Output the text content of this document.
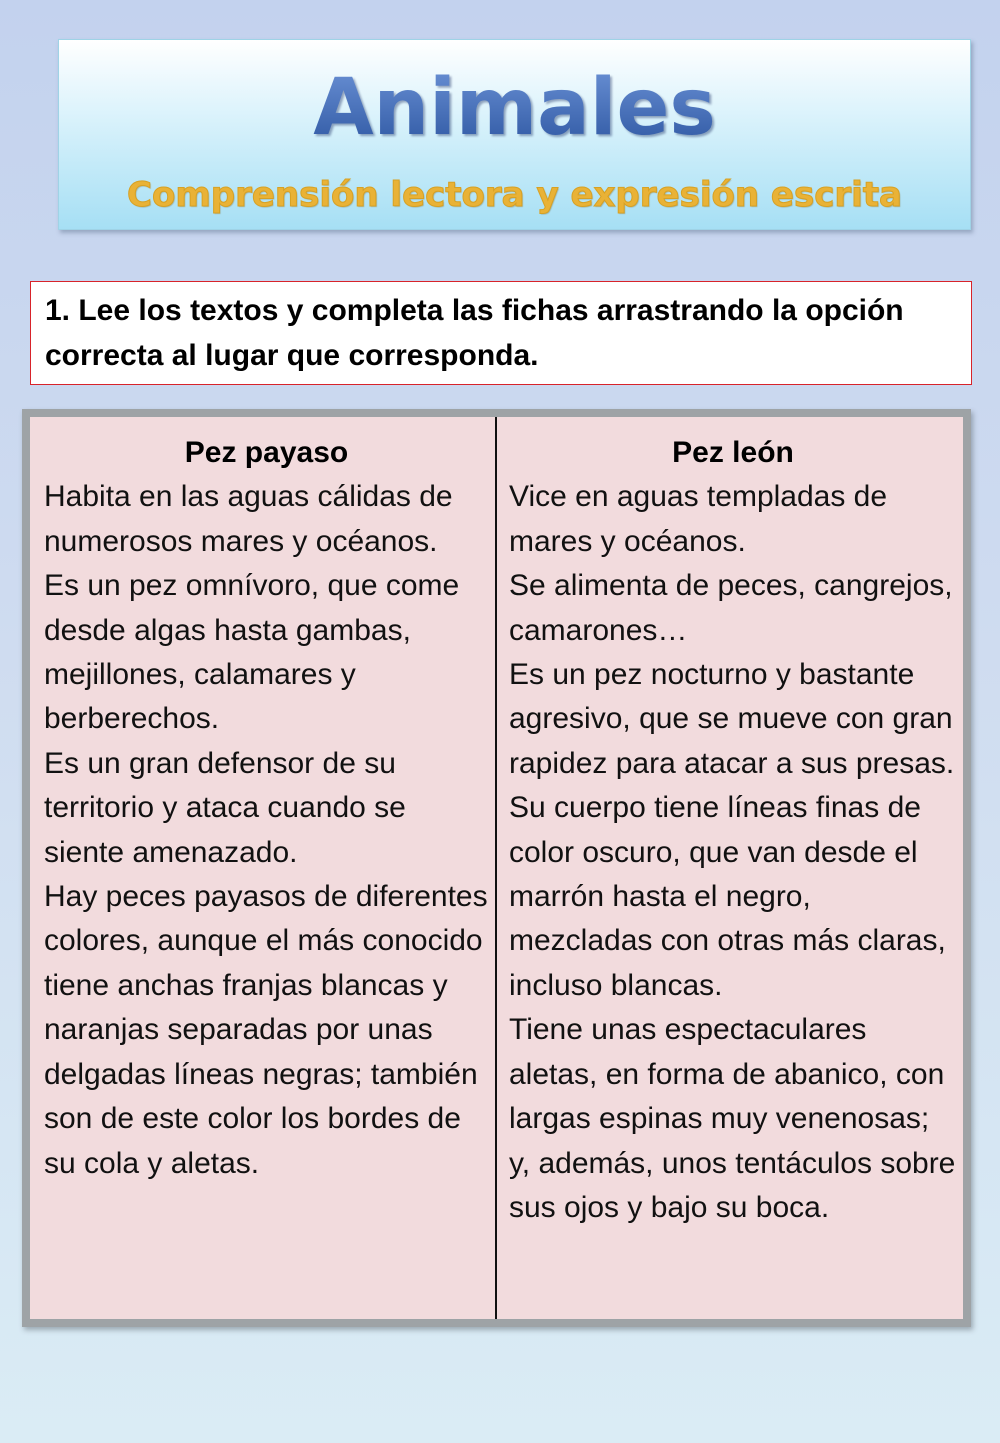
Animales
Comprensión lectora y expresión escrita
1. Lee los textos y completa las fichas arrastrando la opción correcta al lugar que corresponda.
Pez payaso

Habita en las aguas cálidas de numerosos mares y océanos.

Es un pez omnívoro, que come desde algas hasta gambas, mejillones, calamares y berberechos.

Es un gran defensor de su territorio y ataca cuando se siente amenazado.

Hay peces payasos de diferentes colores, aunque el más conocido tiene anchas franjas blancas y naranjas separadas por unas delgadas líneas negras; también son de este color los bordes de su cola y aletas.

Pez león

Vice en aguas templadas de mares y océanos.

Se alimenta de peces, cangrejos, camarones…

Es un pez nocturno y bastante agresivo, que se mueve con gran rapidez para atacar a sus presas.

Su cuerpo tiene líneas finas de color oscuro, que van desde el marrón hasta el negro, mezcladas con otras más claras, incluso blancas.

Tiene unas espectaculares aletas, en forma de abanico, con largas espinas muy venenosas; y, además, unos tentáculos sobre sus ojos y bajo su boca.
